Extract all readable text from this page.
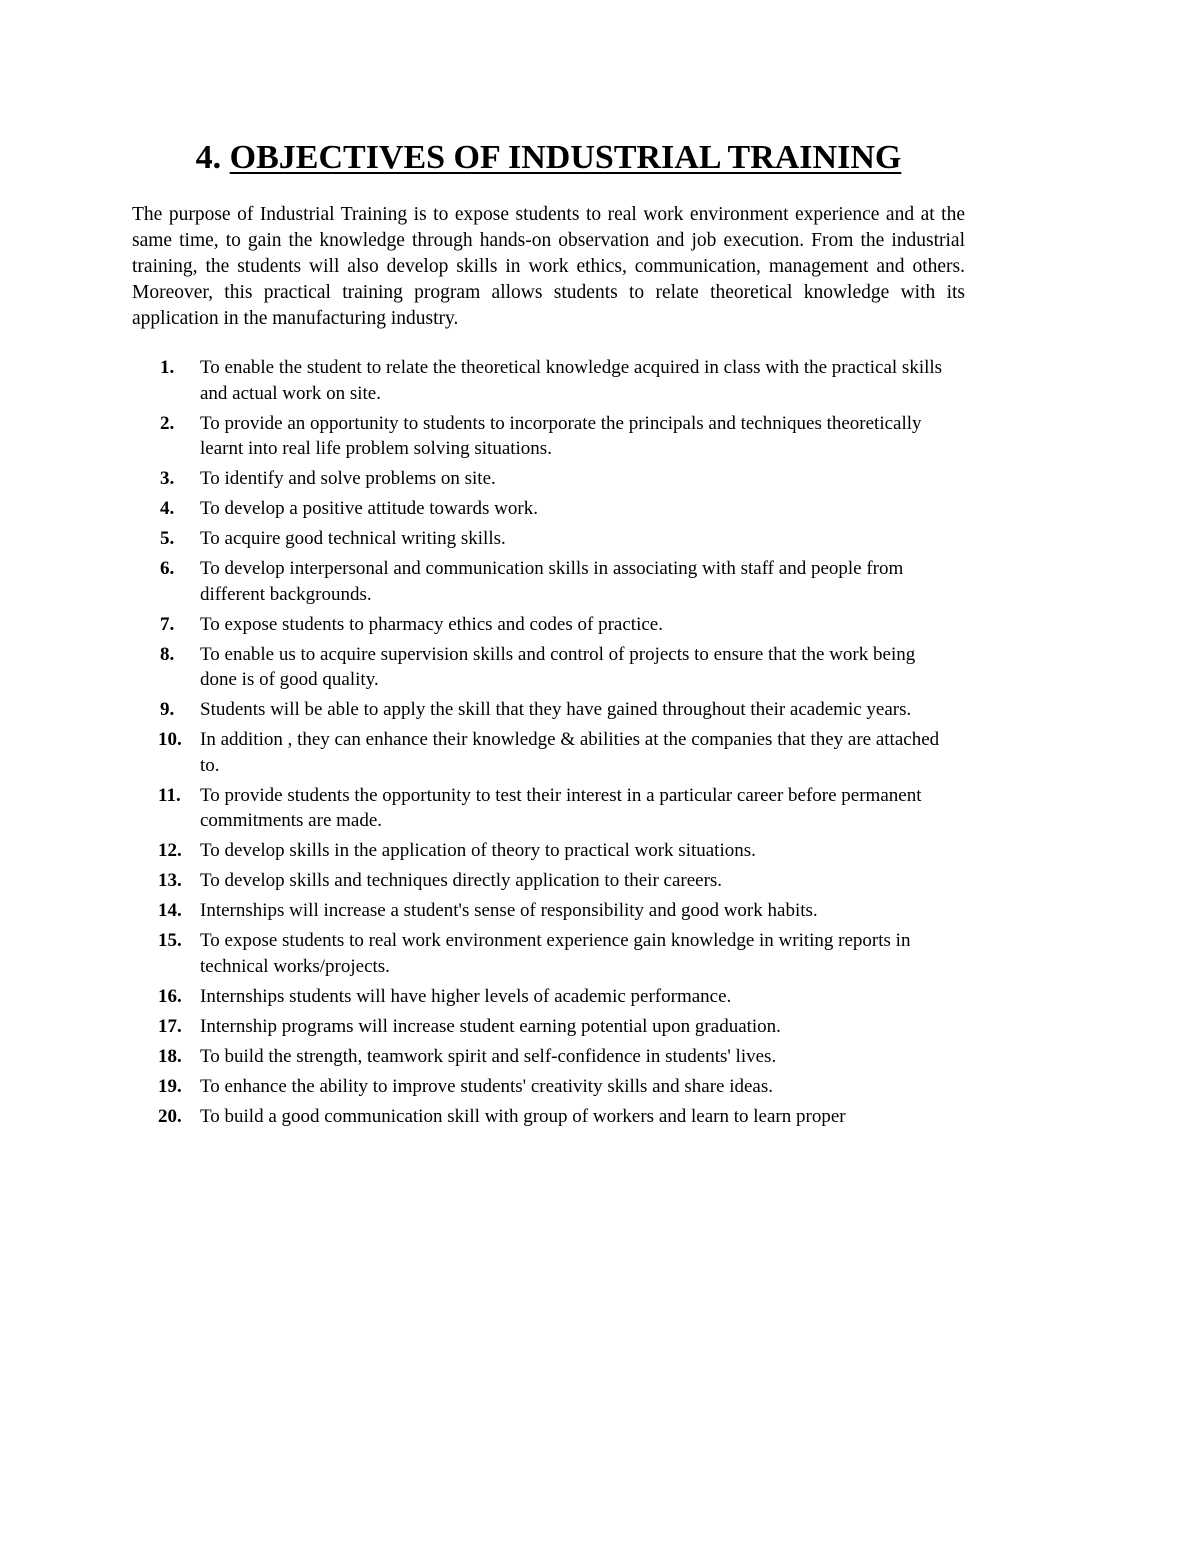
4. OBJECTIVES OF INDUSTRIAL TRAINING

The purpose of Industrial Training is to expose students to real work environment experience and at the same time, to gain the knowledge through hands-on observation and job execution. From the industrial training, the students will also develop skills in work ethics, communication, management and others. Moreover, this practical training program allows students to relate theoretical knowledge with its application in the manufacturing industry.

1. To enable the student to relate the theoretical knowledge acquired in class with the practical skills and actual work on site.
2. To provide an opportunity to students to incorporate the principals and techniques theoretically learnt into real life problem solving situations.
3. To identify and solve problems on site.
4. To develop a positive attitude towards work.
5. To acquire good technical writing skills.
6. To develop interpersonal and communication skills in associating with staff and people from different backgrounds.
7. To expose students to pharmacy ethics and codes of practice.
8. To enable us to acquire supervision skills and control of projects to ensure that the work being done is of good quality.
9. Students will be able to apply the skill that they have gained throughout their academic years.
10. In addition , they can enhance their knowledge & abilities at the companies that they are attached to.
11. To provide students the opportunity to test their interest in a particular career before permanent commitments are made.
12. To develop skills in the application of theory to practical work situations.
13. To develop skills and techniques directly application to their careers.
14. Internships will increase a student's sense of responsibility and good work habits.
15. To expose students to real work environment experience gain knowledge in writing reports in technical works/projects.
16. Internships students will have higher levels of academic performance.
17. Internship programs will increase student earning potential upon graduation.
18. To build the strength, teamwork spirit and self-confidence in students' lives.
19. To enhance the ability to improve students' creativity skills and share ideas.
20. To build a good communication skill with group of workers and learn to learn proper
